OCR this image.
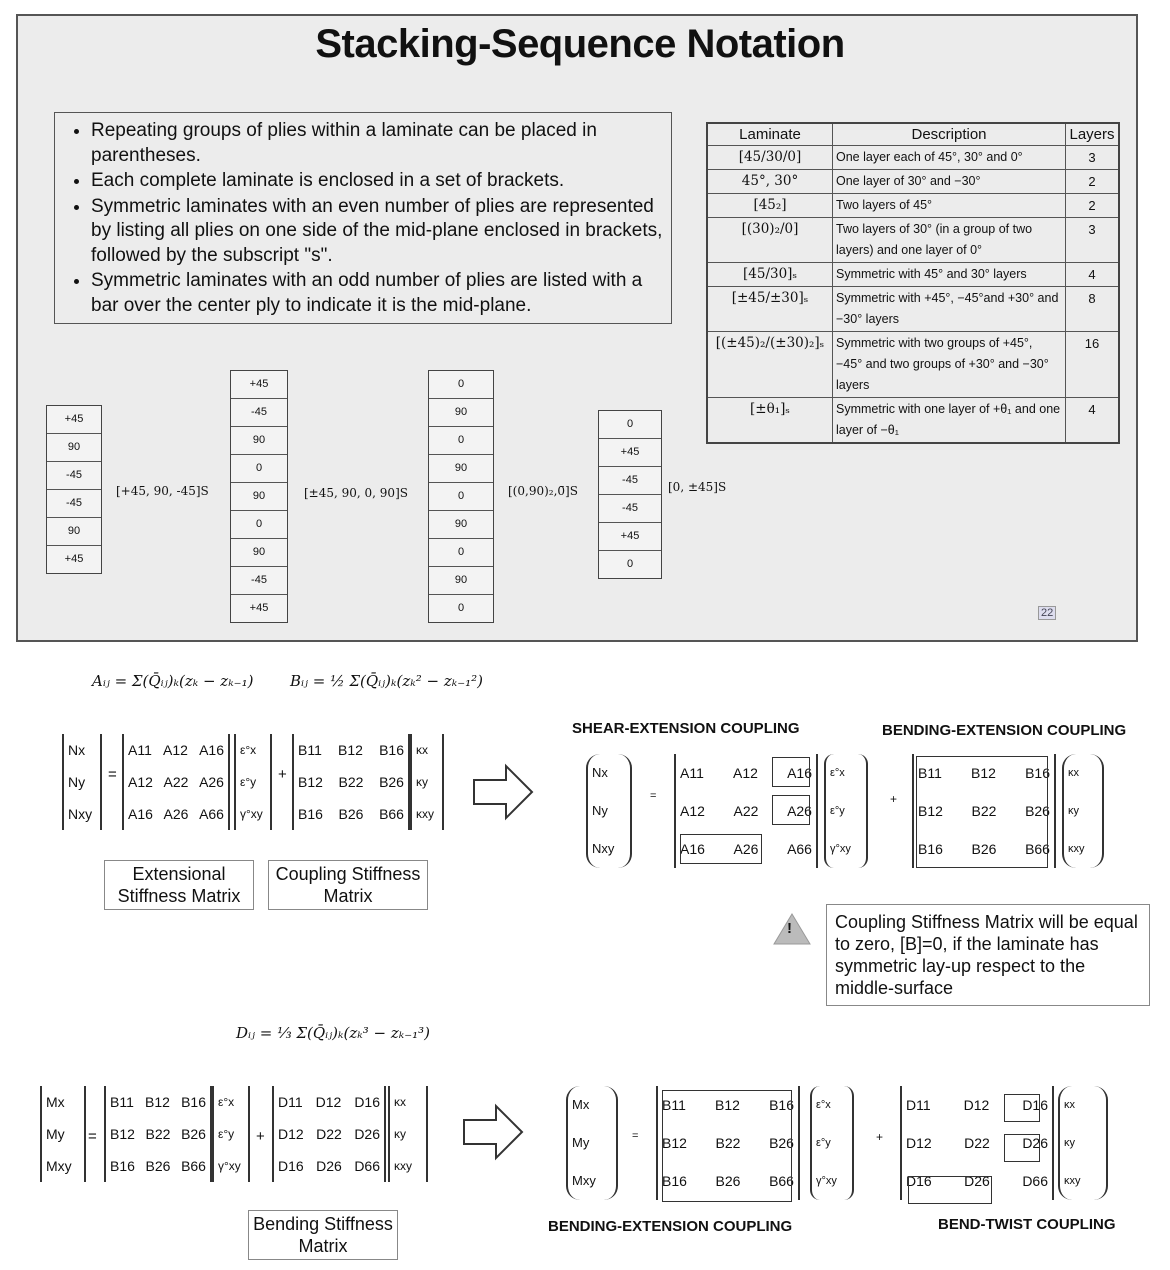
Stacking-Sequence Notation
• Repeating groups of plies within a laminate can be placed in parentheses.
• Each complete laminate is enclosed in a set of brackets.
• Symmetric laminates with an even number of plies are represented by listing all plies on one side of the mid-plane enclosed in brackets, followed by the subscript "s".
• Symmetric laminates with an odd number of plies are listed with a bar over the center ply to indicate it is the mid-plane.
Laminate	Description	Layers
[45/30/0]	One layer each of 45°, 30° and 0°	3
45°, 30°	One layer of 30° and −30°	2
[45₂]	Two layers of 45°	2
[(30)₂/0]	Two layers of 30° (in a group of two layers) and one layer of 0°	3
[45/30]ₛ	Symmetric with 45° and 30° layers	4
[±45/±30]ₛ	Symmetric with +45°, −45°and +30° and −30° layers	8
[(±45)₂/(±30)₂]ₛ	Symmetric with two groups of +45°, −45° and two groups of +30° and −30° layers	16
[±θ₁]ₛ	Symmetric with one layer of +θ₁ and one layer of −θ₁	4
+45
90
-45
-45
90
+45
[+45, 90, -45]S
+45
-45
90
0
90
0
90
-45
+45
[±45, 90, 0, 90]S
0
90
0
90
0
90
0
90
0
[(0,90)₂,0̄]S
0
+45
-45
-45
+45
0
[0, ±45]S
22
Aᵢⱼ = Σ(Q̄ᵢⱼ)ₖ(zₖ − zₖ₋₁) Bᵢⱼ = ½ Σ(Q̄ᵢⱼ)ₖ(zₖ² − zₖ₋₁²)
Dᵢⱼ = ⅓ Σ(Q̄ᵢⱼ)ₖ(zₖ³ − zₖ₋₁³)
Nx
Ny
Nxy
=
A11 A12 A16
A12 A22 A26
A16 A26 A66
ε°x
ε°y
γ°xy
+
B11 B12 B16
B12 B22 B26
B16 B26 B66
κx
κy
κxy
Extensional Stiffness Matrix
Coupling Stiffness Matrix
SHEAR-EXTENSION COUPLING	BENDING-EXTENSION COUPLING
Nx
Ny
Nxy
=
A11 A12 A16
A12 A22 A26
A16 A26 A66
ε°x
ε°y
γ°xy
+
B11 B12 B16
B12 B22 B26
B16 B26 B66
κx
κy
κxy
!	Coupling Stiffness Matrix will be equal to zero, [B]=0, if the laminate has symmetric lay-up respect to the middle-surface
Mx
My
Mxy
=
B11 B12 B16
B12 B22 B26
B16 B26 B66
ε°x
ε°y
γ°xy
+
D11 D12 D16
D12 D22 D26
D16 D26 D66
κx
κy
κxy
Bending Stiffness Matrix
Mx
My
Mxy
=
B11 B12 B16
B12 B22 B26
B16 B26 B66
ε°x
ε°y
γ°xy
+
D11 D12 D16
D12 D22 D26
D16 D26 D66
κx
κy
κxy
BENDING-EXTENSION COUPLING	BEND-TWIST COUPLING
